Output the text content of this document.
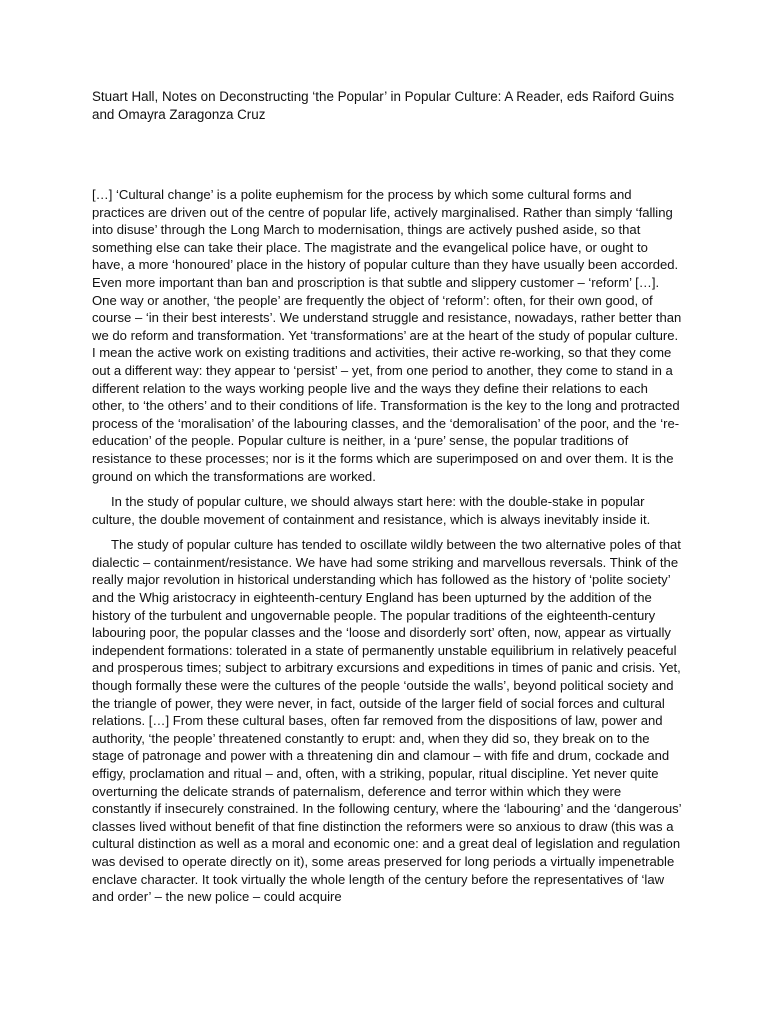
Stuart Hall, Notes on Deconstructing ‘the Popular’ in Popular Culture: A Reader, eds Raiford Guins and Omayra Zaragonza Cruz

[…] ‘Cultural change’ is a polite euphemism for the process by which some cultural forms and practices are driven out of the centre of popular life, actively marginalised. Rather than simply ‘falling into disuse’ through the Long March to modernisation, things are actively pushed aside, so that something else can take their place. The magistrate and the evangelical police have, or ought to have, a more ‘honoured’ place in the history of popular culture than they have usually been accorded. Even more important than ban and proscription is that subtle and slippery customer – ‘reform’ […]. One way or another, ‘the people’ are frequently the object of ‘reform’: often, for their own good, of course – ‘in their best interests’. We understand struggle and resistance, nowadays, rather better than we do reform and transformation. Yet ‘transformations’ are at the heart of the study of popular culture. I mean the active work on existing traditions and activities, their active re-working, so that they come out a different way: they appear to ‘persist’ – yet, from one period to another, they come to stand in a different relation to the ways working people live and the ways they define their relations to each other, to ‘the others’ and to their conditions of life. Transformation is the key to the long and protracted process of the ‘moralisation’ of the labouring classes, and the ‘demoralisation’ of the poor, and the ‘re-education’ of the people. Popular culture is neither, in a ‘pure’ sense, the popular traditions of resistance to these processes; nor is it the forms which are superimposed on and over them. It is the ground on which the transformations are worked.

In the study of popular culture, we should always start here: with the double-stake in popular culture, the double movement of containment and resistance, which is always inevitably inside it.

The study of popular culture has tended to oscillate wildly between the two alternative poles of that dialectic – containment/resistance. We have had some striking and marvellous reversals. Think of the really major revolution in historical understanding which has followed as the history of ‘polite society’ and the Whig aristocracy in eighteenth-century England has been upturned by the addition of the history of the turbulent and ungovernable people. The popular traditions of the eighteenth-century labouring poor, the popular classes and the ‘loose and disorderly sort’ often, now, appear as virtually independent formations: tolerated in a state of permanently unstable equilibrium in relatively peaceful and prosperous times; subject to arbitrary excursions and expeditions in times of panic and crisis. Yet, though formally these were the cultures of the people ‘outside the walls’, beyond political society and the triangle of power, they were never, in fact, outside of the larger field of social forces and cultural relations. […] From these cultural bases, often far removed from the dispositions of law, power and authority, ‘the people’ threatened constantly to erupt: and, when they did so, they break on to the stage of patronage and power with a threatening din and clamour – with fife and drum, cockade and effigy, proclamation and ritual – and, often, with a striking, popular, ritual discipline. Yet never quite overturning the delicate strands of paternalism, deference and terror within which they were constantly if insecurely constrained. In the following century, where the ‘labouring’ and the ‘dangerous’ classes lived without benefit of that fine distinction the reformers were so anxious to draw (this was a cultural distinction as well as a moral and economic one: and a great deal of legislation and regulation was devised to operate directly on it), some areas preserved for long periods a virtually impenetrable enclave character. It took virtually the whole length of the century before the representatives of ‘law and order’ – the new police – could acquire
